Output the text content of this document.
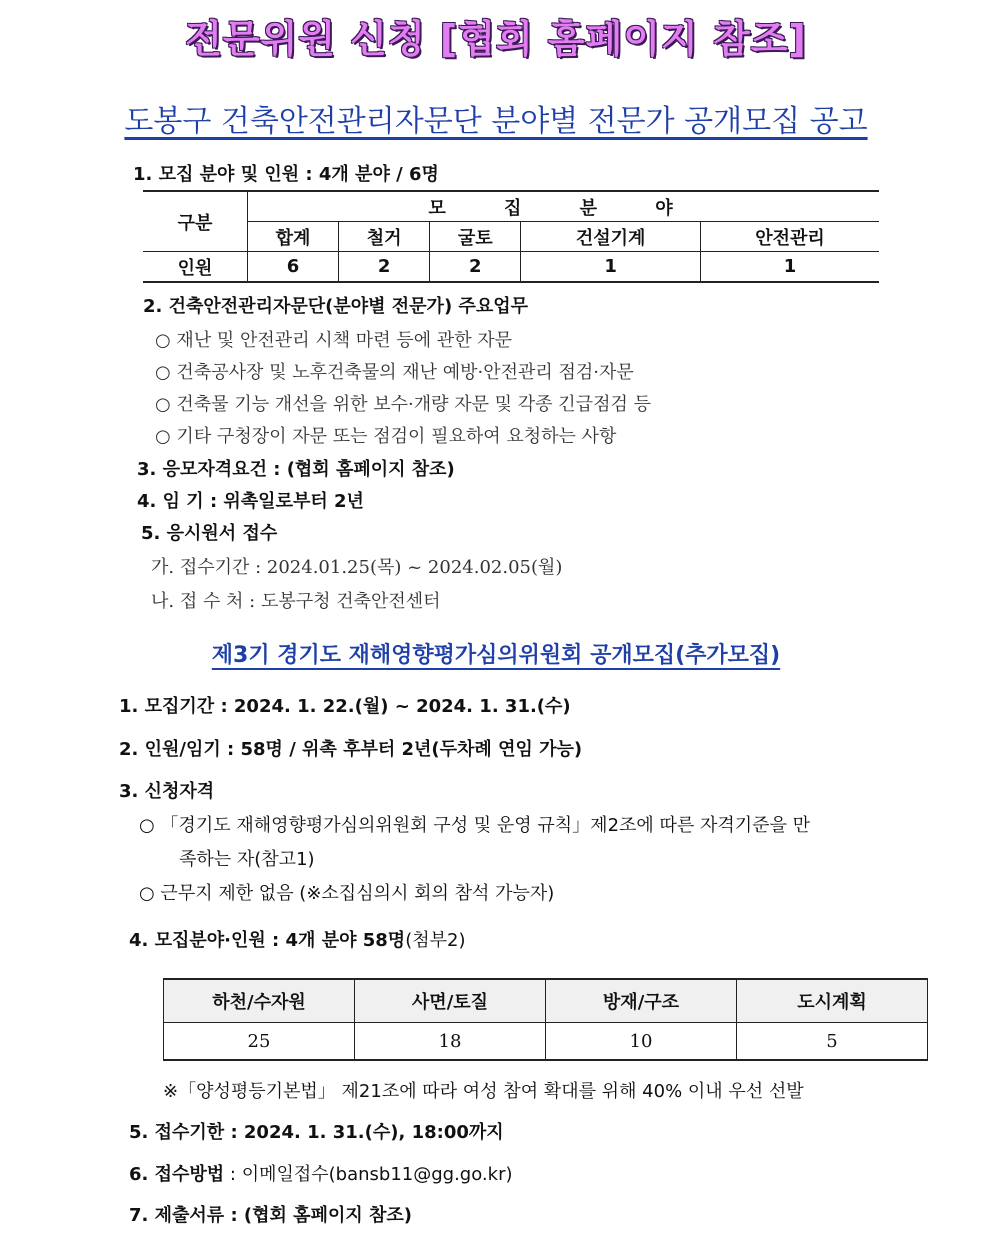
전문위원 신청 [협회 홈페이지 참조]
도봉구 건축안전관리자문단 분야별 전문가 공개모집 공고
1. 모집 분야 및 인원 : 4개 분야 / 6명
구분	모 집 분 야				
	합계	철거	굴토	건설기계	안전관리
인원	6	2	2	1	1
2. 건축안전관리자문단(분야별 전문가) 주요업무
○ 재난 및 안전관리 시책 마련 등에 관한 자문
○ 건축공사장 및 노후건축물의 재난 예방·안전관리 점검·자문
○ 건축물 기능 개선을 위한 보수·개량 자문 및 각종 긴급점검 등
○ 기타 구청장이 자문 또는 점검이 필요하여 요청하는 사항
3. 응모자격요건 : (협회 홈페이지 참조)
4. 임 기 : 위촉일로부터 2년
5. 응시원서 접수
가. 접수기간 : 2024.01.25(목) ~ 2024.02.05(월)
나. 접 수 처 : 도봉구청 건축안전센터
제3기 경기도 재해영향평가심의위원회 공개모집(추가모집)
1. 모집기간 : 2024. 1. 22.(월) ~ 2024. 1. 31.(수)
2. 인원/임기 : 58명 / 위촉 후부터 2년(두차례 연임 가능)
3. 신청자격
○ 「경기도 재해영향평가심의위원회 구성 및 운영 규칙」제2조에 따른 자격기준을 만
족하는 자(참고1)
○ 근무지 제한 없음 (※소집심의시 회의 참석 가능자)
4. 모집분야·인원 : 4개 분야 58명(첨부2)
하천/수자원	사면/토질	방재/구조	도시계획
25	18	10	5
※「양성평등기본법」 제21조에 따라 여성 참여 확대를 위해 40% 이내 우선 선발
5. 접수기한 : 2024. 1. 31.(수), 18:00까지
6. 접수방법 : 이메일접수(bansb11@gg.go.kr)
7. 제출서류 : (협회 홈페이지 참조)
